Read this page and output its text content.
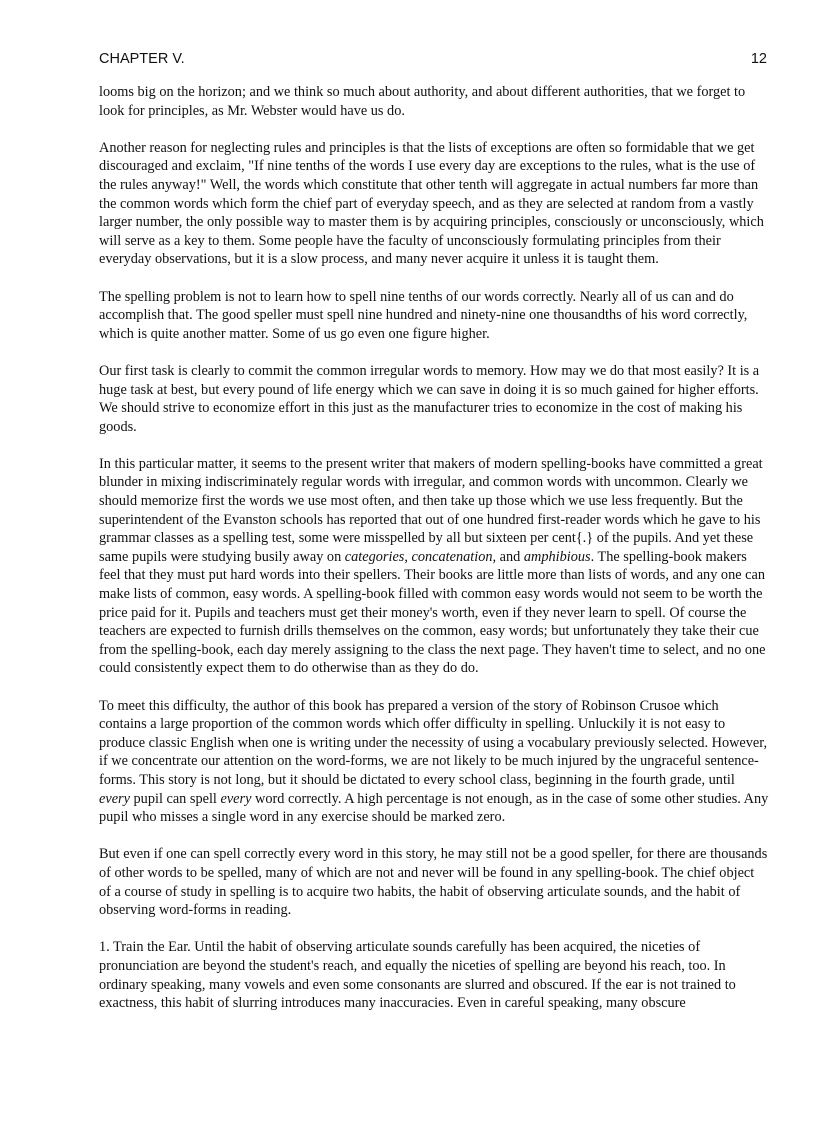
CHAPTER V.	12

looms big on the horizon; and we think so much about authority, and about different authorities, that we forget to look for principles, as Mr. Webster would have us do.

Another reason for neglecting rules and principles is that the lists of exceptions are often so formidable that we get discouraged and exclaim, "If nine tenths of the words I use every day are exceptions to the rules, what is the use of the rules anyway!" Well, the words which constitute that other tenth will aggregate in actual numbers far more than the common words which form the chief part of everyday speech, and as they are selected at random from a vastly larger number, the only possible way to master them is by acquiring principles, consciously or unconsciously, which will serve as a key to them. Some people have the faculty of unconsciously formulating principles from their everyday observations, but it is a slow process, and many never acquire it unless it is taught them.

The spelling problem is not to learn how to spell nine tenths of our words correctly. Nearly all of us can and do accomplish that. The good speller must spell nine hundred and ninety-nine one thousandths of his word correctly, which is quite another matter. Some of us go even one figure higher.

Our first task is clearly to commit the common irregular words to memory. How may we do that most easily? It is a huge task at best, but every pound of life energy which we can save in doing it is so much gained for higher efforts. We should strive to economize effort in this just as the manufacturer tries to economize in the cost of making his goods.

In this particular matter, it seems to the present writer that makers of modern spelling-books have committed a great blunder in mixing indiscriminately regular words with irregular, and common words with uncommon. Clearly we should memorize first the words we use most often, and then take up those which we use less frequently. But the superintendent of the Evanston schools has reported that out of one hundred first-reader words which he gave to his grammar classes as a spelling test, some were misspelled by all but sixteen per cent{.} of the pupils. And yet these same pupils were studying busily away on categories, concatenation, and amphibious. The spelling-book makers feel that they must put hard words into their spellers. Their books are little more than lists of words, and any one can make lists of common, easy words. A spelling-book filled with common easy words would not seem to be worth the price paid for it. Pupils and teachers must get their money's worth, even if they never learn to spell. Of course the teachers are expected to furnish drills themselves on the common, easy words; but unfortunately they take their cue from the spelling-book, each day merely assigning to the class the next page. They haven't time to select, and no one could consistently expect them to do otherwise than as they do do.

To meet this difficulty, the author of this book has prepared a version of the story of Robinson Crusoe which contains a large proportion of the common words which offer difficulty in spelling. Unluckily it is not easy to produce classic English when one is writing under the necessity of using a vocabulary previously selected. However, if we concentrate our attention on the word-forms, we are not likely to be much injured by the ungraceful sentence-forms. This story is not long, but it should be dictated to every school class, beginning in the fourth grade, until every pupil can spell every word correctly. A high percentage is not enough, as in the case of some other studies. Any pupil who misses a single word in any exercise should be marked zero.

But even if one can spell correctly every word in this story, he may still not be a good speller, for there are thousands of other words to be spelled, many of which are not and never will be found in any spelling-book. The chief object of a course of study in spelling is to acquire two habits, the habit of observing articulate sounds, and the habit of observing word-forms in reading.

1. Train the Ear. Until the habit of observing articulate sounds carefully has been acquired, the niceties of pronunciation are beyond the student's reach, and equally the niceties of spelling are beyond his reach, too. In ordinary speaking, many vowels and even some consonants are slurred and obscured. If the ear is not trained to exactness, this habit of slurring introduces many inaccuracies. Even in careful speaking, many obscure
